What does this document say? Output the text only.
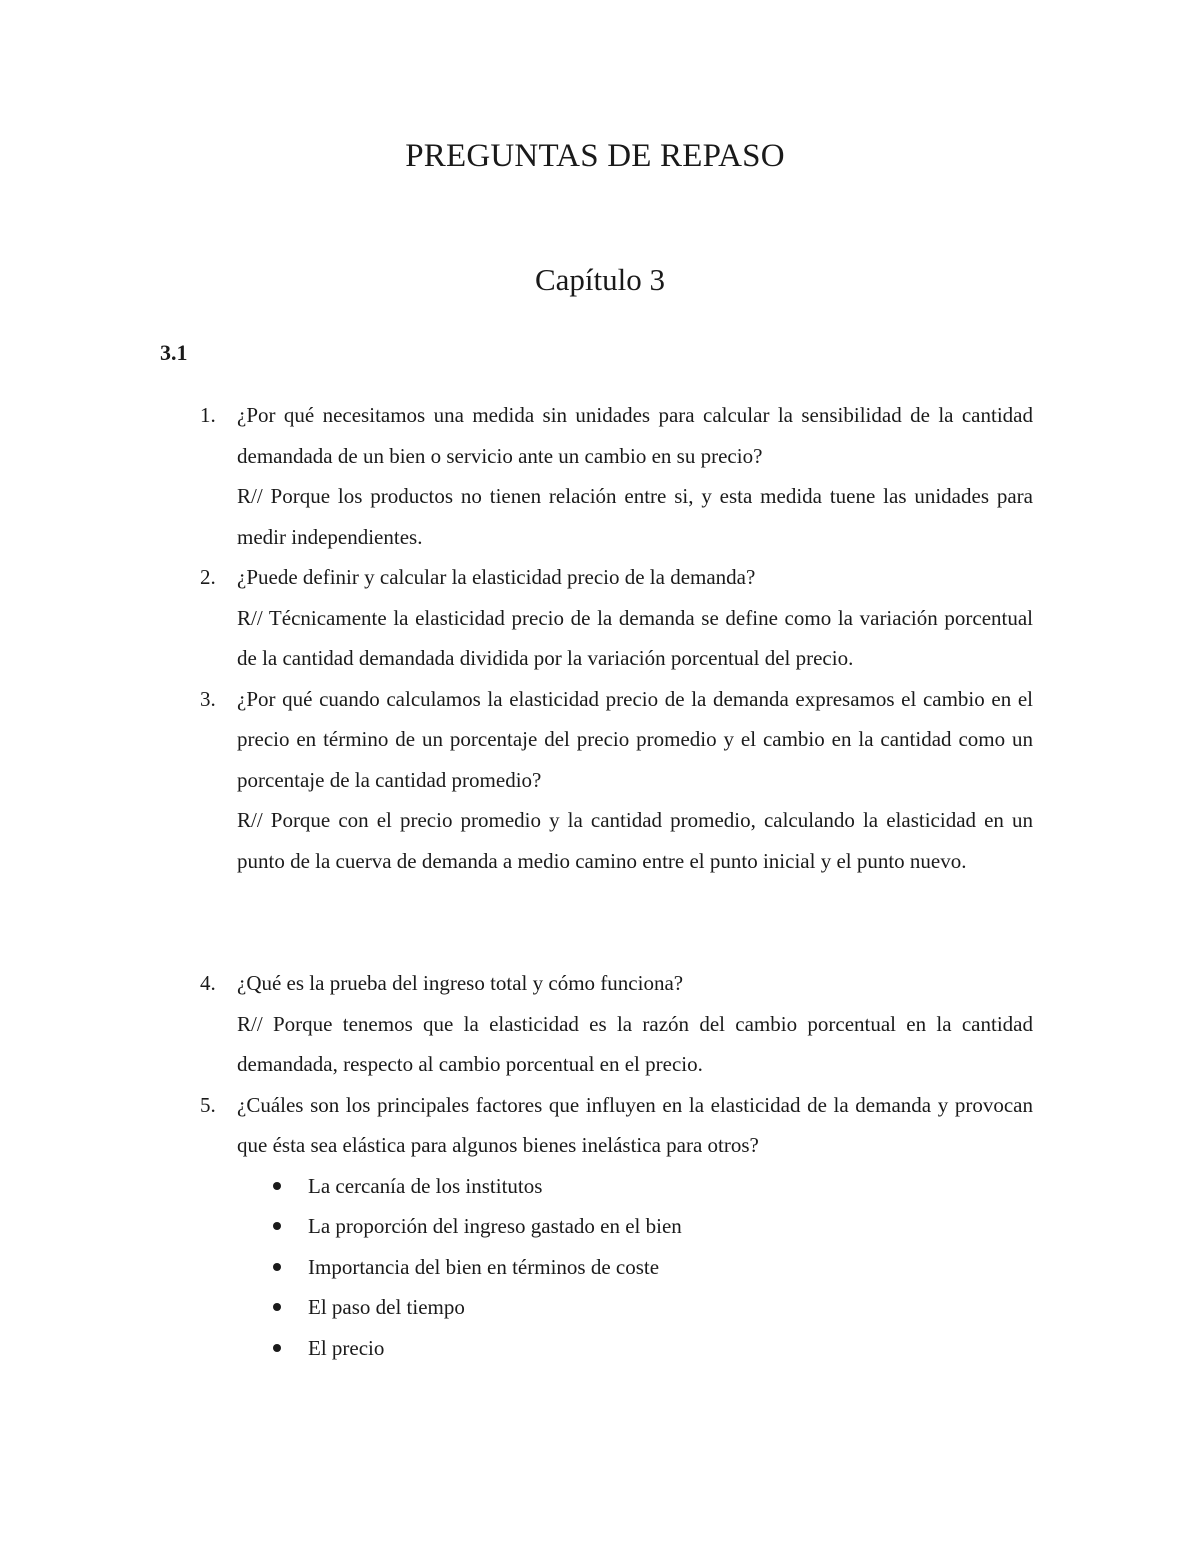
PREGUNTAS DE REPASO
Capítulo 3
3.1
1. ¿Por qué necesitamos una medida sin unidades para calcular la sensibilidad de la cantidad demandada de un bien o servicio ante un cambio en su precio?
R// Porque los productos no tienen relación entre si, y esta medida tuene las unidades para medir independientes.
2. ¿Puede definir y calcular la elasticidad precio de la demanda?
R// Técnicamente la elasticidad precio de la demanda se define como la variación porcentual de la cantidad demandada dividida por la variación porcentual del precio.
3. ¿Por qué cuando calculamos la elasticidad precio de la demanda expresamos el cambio en el precio en término de un porcentaje del precio promedio y el cambio en la cantidad como un porcentaje de la cantidad promedio?
R// Porque con el precio promedio y la cantidad promedio, calculando la elasticidad en un punto de la cuerva de demanda a medio camino entre el punto inicial y el punto nuevo.
4. ¿Qué es la prueba del ingreso total y cómo funciona?
R// Porque tenemos que la elasticidad es la razón del cambio porcentual en la cantidad demandada, respecto al cambio porcentual en el precio.
5. ¿Cuáles son los principales factores que influyen en la elasticidad de la demanda y provocan que ésta sea elástica para algunos bienes inelástica para otros?
La cercanía de los institutos
La proporción del ingreso gastado en el bien
Importancia del bien en términos de coste
El paso del tiempo
El precio
